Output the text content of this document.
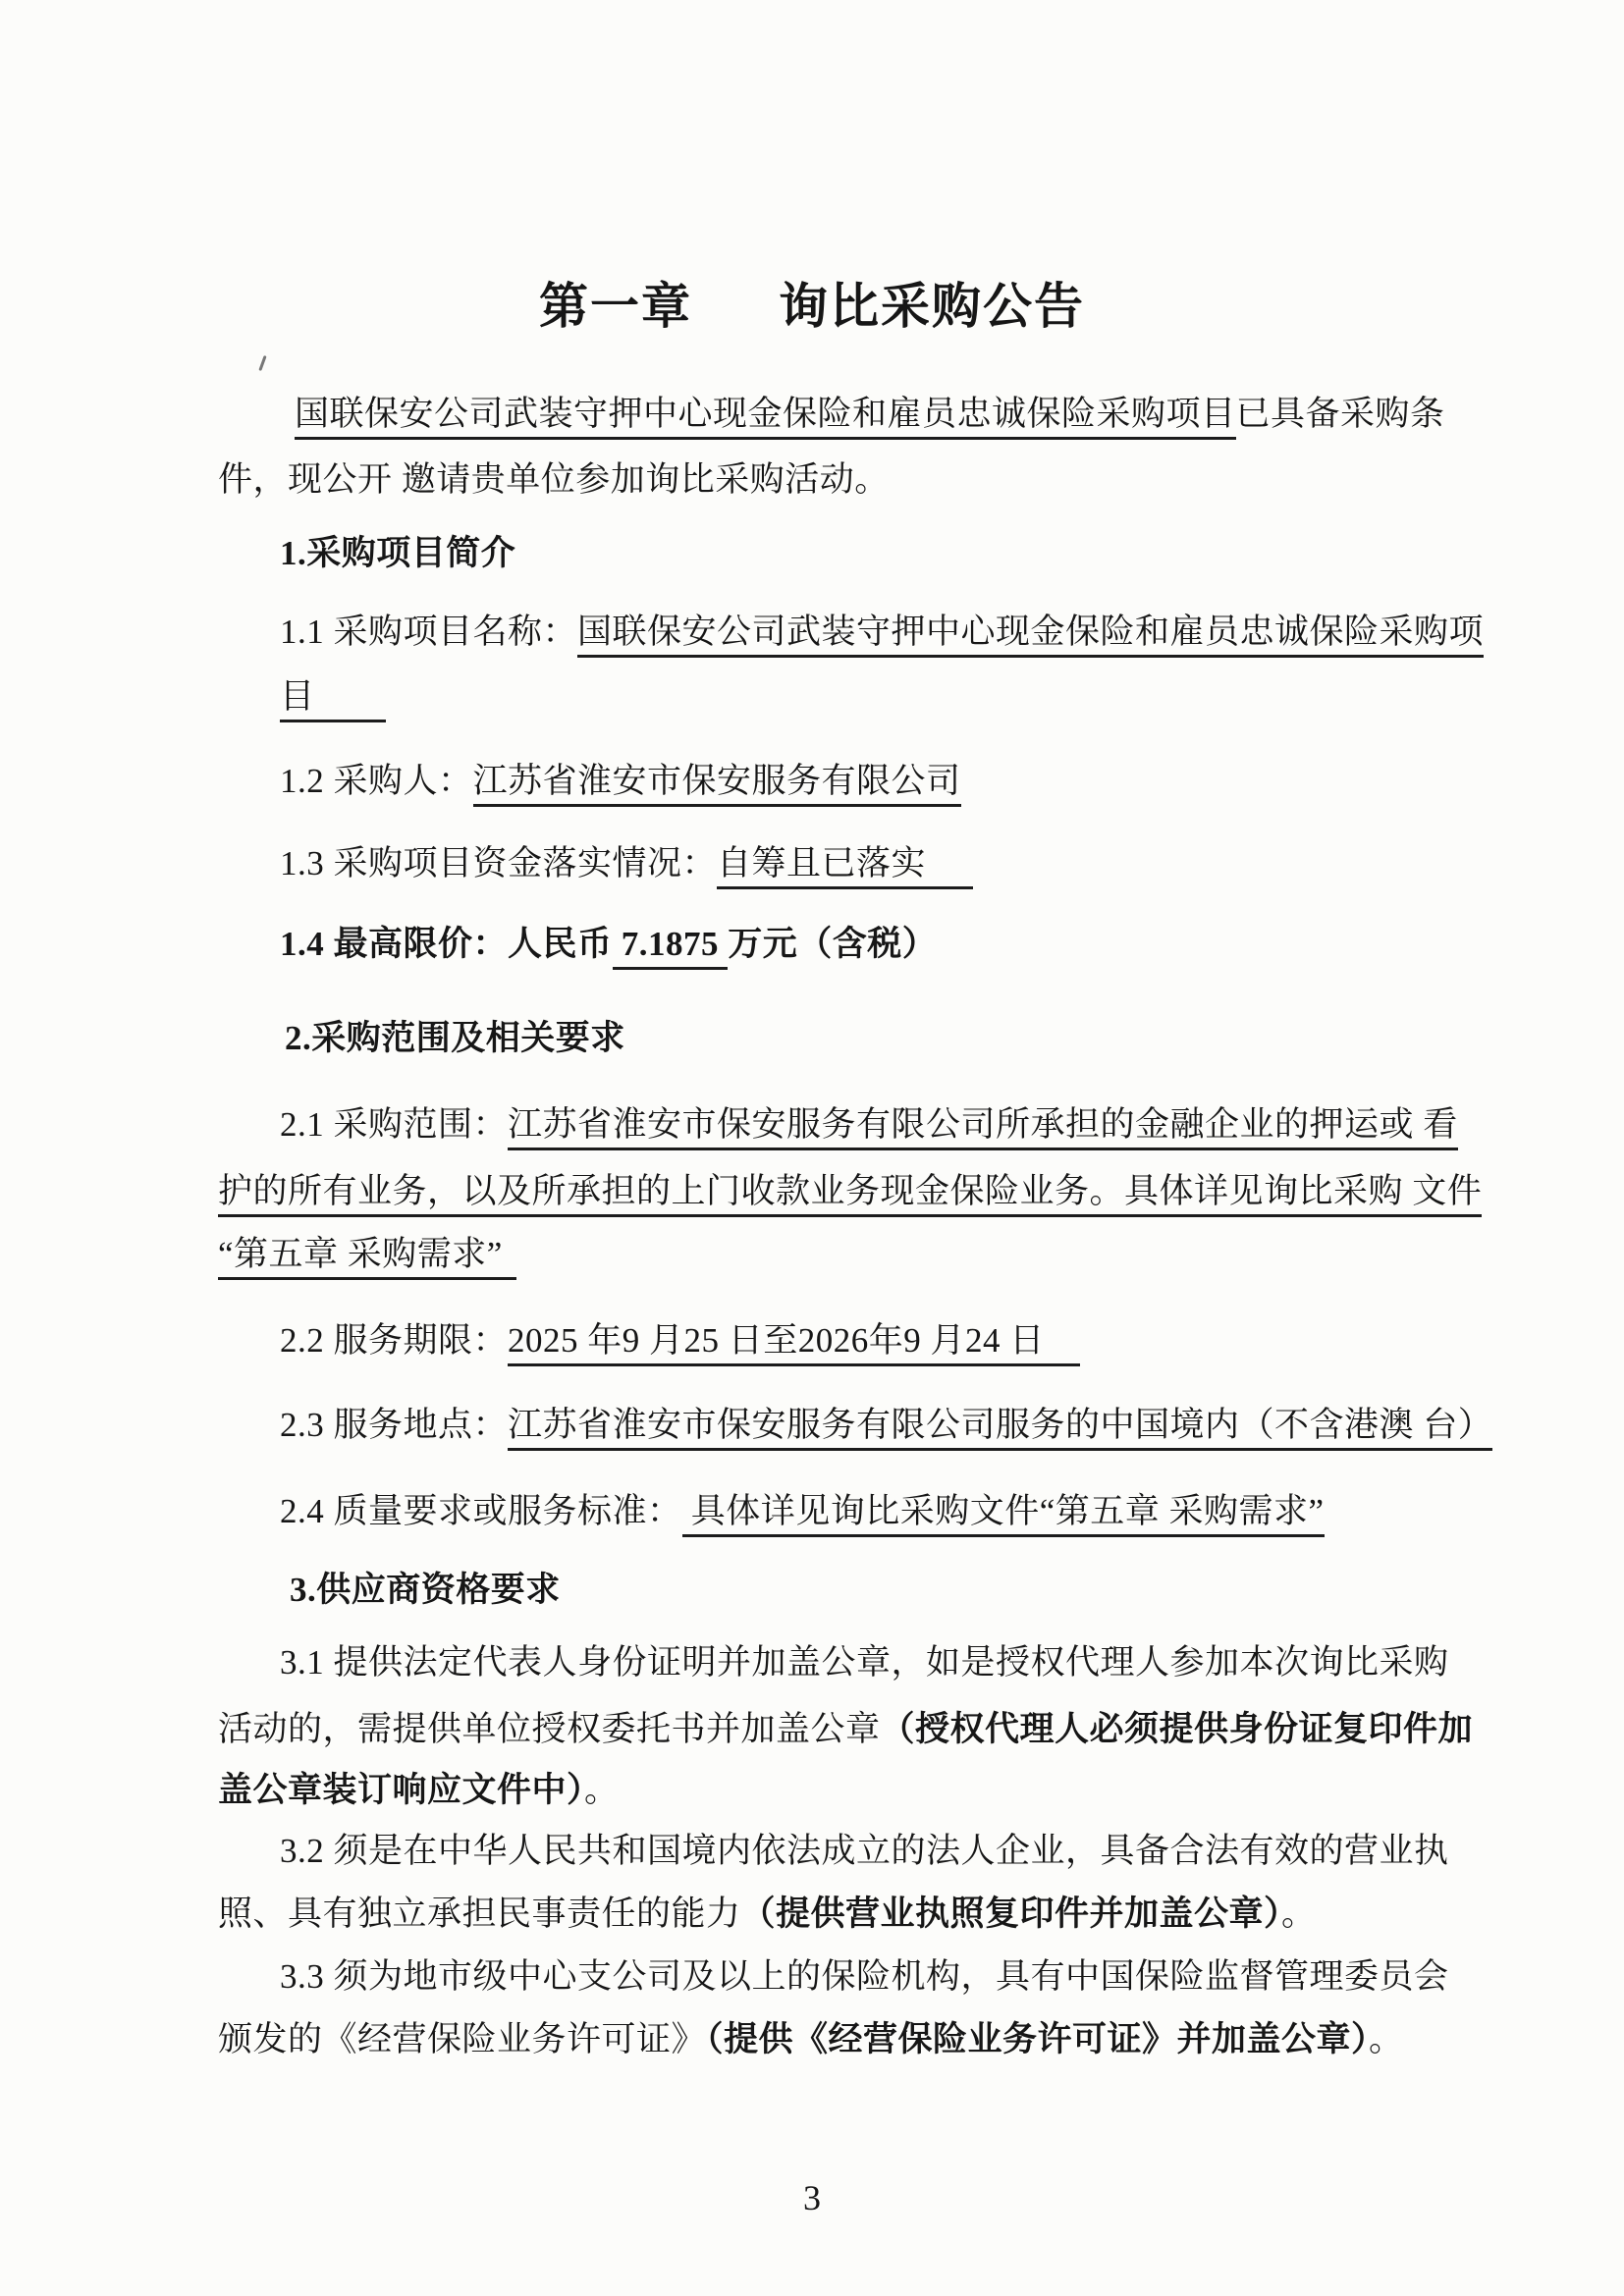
第一章 询比采购公告
国联保安公司武装守押中心现金保险和雇员忠诚保险采购项目已具备采购条
件，现公开 邀请贵单位参加询比采购活动。
1.采购项目简介
1.1 采购项目名称：国联保安公司武装守押中心现金保险和雇员忠诚保险采购项
目
1.2 采购人：江苏省淮安市保安服务有限公司
1.3 采购项目资金落实情况：自筹且已落实
1.4 最高限价：人民币 7.1875 万元（含税）
2.采购范围及相关要求
2.1 采购范围：江苏省淮安市保安服务有限公司所承担的金融企业的押运或 看
护的所有业务，以及所承担的上门收款业务现金保险业务。具体详见询比采购 文件
“第五章 采购需求”
2.2 服务期限：2025 年9 月25 日至2026年9 月24 日
2.3 服务地点：江苏省淮安市保安服务有限公司服务的中国境内（不含港澳 台）
2.4 质量要求或服务标准： 具体详见询比采购文件“第五章 采购需求”
3.供应商资格要求
3.1 提供法定代表人身份证明并加盖公章，如是授权代理人参加本次询比采购
活动的，需提供单位授权委托书并加盖公章（授权代理人必须提供身份证复印件加
盖公章装订响应文件中）。
3.2 须是在中华人民共和国境内依法成立的法人企业，具备合法有效的营业执
照、具有独立承担民事责任的能力（提供营业执照复印件并加盖公章）。
3.3 须为地市级中心支公司及以上的保险机构，具有中国保险监督管理委员会
颁发的《经营保险业务许可证》（提供《经营保险业务许可证》并加盖公章）。
3
